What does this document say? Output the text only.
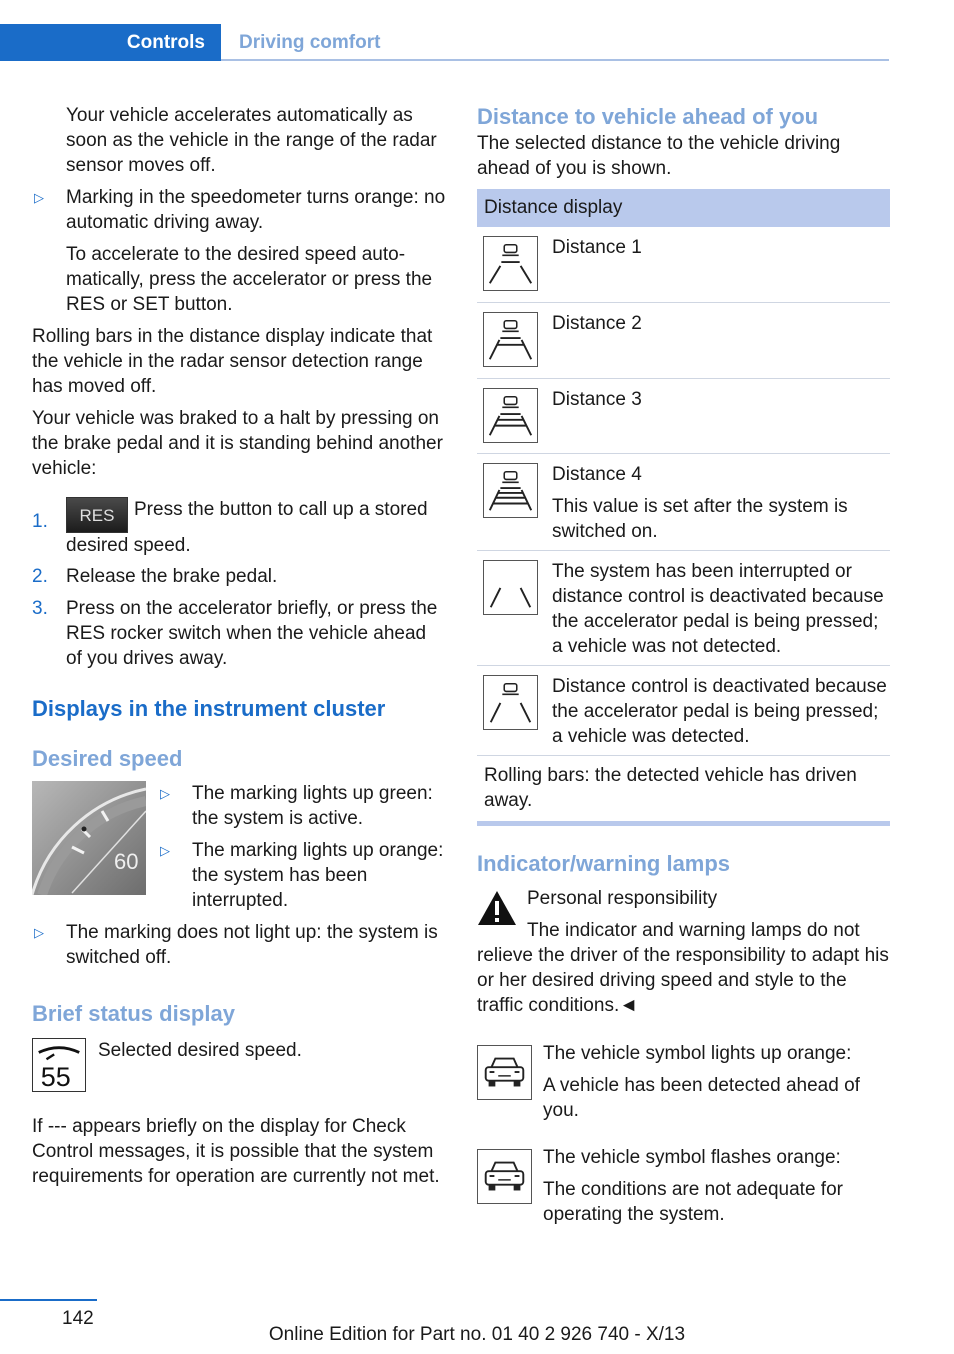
Controls	Driving comfort

Your vehicle accelerates automatically as soon as the vehicle in the range of the radar sensor moves off.

▷ Marking in the speedometer turns orange: no automatic driving away.

To accelerate to the desired speed automatically, press the accelerator or press the RES or SET button.

Rolling bars in the distance display indicate that the vehicle in the radar sensor detection range has moved off.

Your vehicle was braked to a halt by pressing on the brake pedal and it is standing behind another vehicle:

1. RES Press the button to call up a stored desired speed.
2. Release the brake pedal.
3. Press on the accelerator briefly, or press the RES rocker switch when the vehicle ahead of you drives away.
Displays in the instrument cluster
Desired speed
60
▷ The marking lights up green: the system is active.
▷ The marking lights up orange: the system has been interrupted.
▷ The marking does not light up: the system is switched off.
Brief status display
55

Selected desired speed.

If --- appears briefly on the display for Check Control messages, it is possible that the system requirements for operation are currently not met.

Distance to vehicle ahead of you

The selected distance to the vehicle driving ahead of you is shown.

Distance display
Distance 1
Distance 2
Distance 3
Distance 4
This value is set after the system is switched on.
The system has been interrupted or distance control is deactivated because the accelerator pedal is being pressed; a vehicle was not detected.
Distance control is deactivated because the accelerator pedal is being pressed; a vehicle was detected.
Rolling bars: the detected vehicle has driven away.
Indicator/warning lamps

Personal responsibility

The indicator and warning lamps do not relieve the driver of the responsibility to adapt his or her desired driving speed and style to the traffic conditions.◄

The vehicle symbol lights up orange:

A vehicle has been detected ahead of you.

The vehicle symbol flashes orange:

The conditions are not adequate for operating the system.

142
Online Edition for Part no. 01 40 2 926 740 - X/13
